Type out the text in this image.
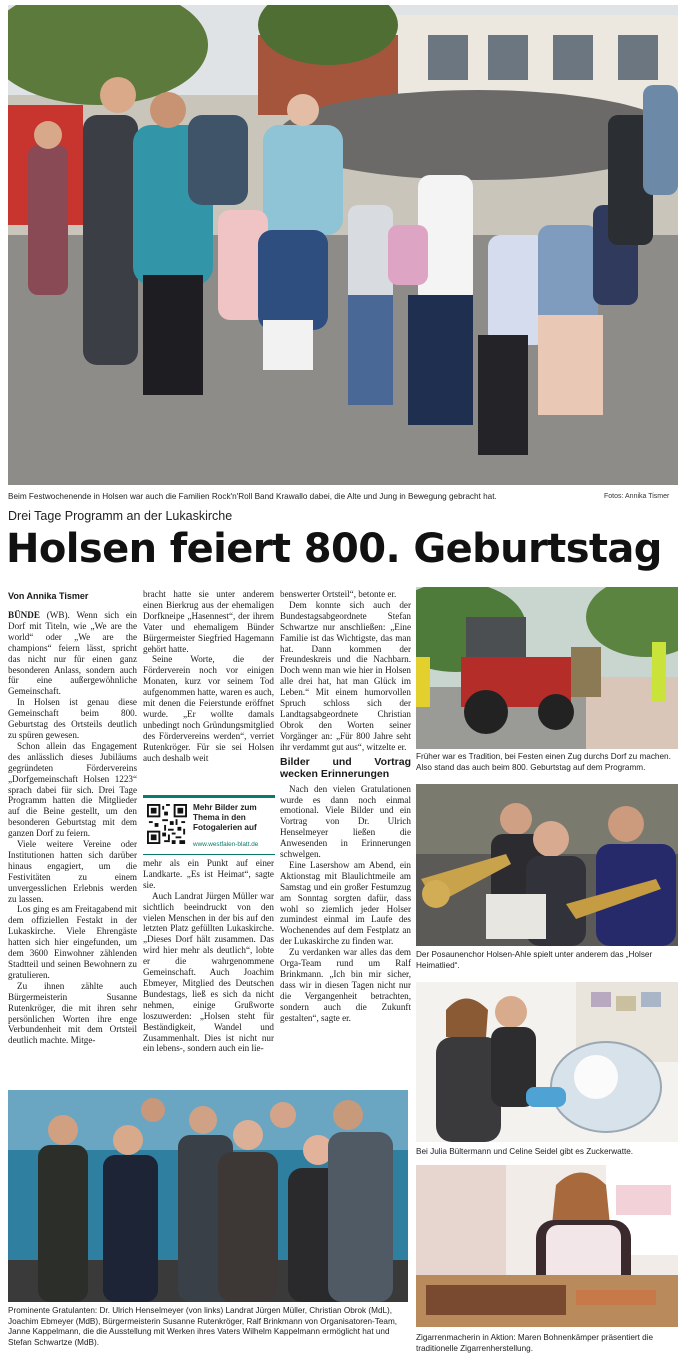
Beim Festwochenende in Holsen war auch die Familien Rock'n'Roll Band Krawallo dabei, die Alte und Jung in Bewegung gebracht hat.	Fotos: Annika Tismer
Drei Tage Programm an der Lukaskirche
Holsen feiert 800. Geburtstag
Von Annika Tismer

BÜNDE (WB). Wenn sich ein Dorf mit Titeln, wie „We are the world“ oder „We are the champions“ feiern lässt, spricht das nicht nur für einen ganz besonderen Anlass, sondern auch für eine außergewöhnliche Gemeinschaft.

In Holsen ist genau diese Gemeinschaft beim 800. Geburtstag des Ortsteils deutlich zu spüren gewesen.

Schon allein das Engagement des anlässlich dieses Jubiläums gegründeten Fördervereins „Dorfgemeinschaft Holsen 1223“ sprach dabei für sich. Drei Tage Programm hatten die Mitglieder auf die Beine gestellt, um den besonderen Geburtstag mit dem ganzen Dorf zu feiern.

Viele weitere Vereine oder Institutionen hatten sich darüber hinaus engagiert, um die Festivitäten zu einem unvergesslichen Erlebnis werden zu lassen.

Los ging es am Freitagabend mit dem offiziellen Festakt in der Lukaskirche. Viele Ehrengäste hatten sich hier eingefunden, um dem 3600 Einwohner zählenden Stadtteil und seinen Bewohnern zu gratulieren.

Zu ihnen zählte auch Bürgermeisterin Susanne Rutenkröger, die mit ihren sehr persönlichen Worten ihre enge Verbundenheit mit dem Ortsteil deutlich machte. Mitge-

bracht hatte sie unter anderem einen Bierkrug aus der ehemaligen Dorfkneipe „Hasennest“, der ihrem Vater und ehemaligem Bünder Bürgermeister Siegfried Hagemann gehört hatte.

Seine Worte, die der Förderverein noch vor einigen Monaten, kurz vor seinem Tod aufgenommen hatte, waren es auch, mit denen die Feierstunde eröffnet wurde. „Er wollte damals unbedingt noch Gründungsmitglied des Fördervereins werden“, verriet Rutenkröger. Für sie sei Holsen auch deshalb weit

Mehr Bilder zum Thema in den Fotogalerien auf
www.westfalen-blatt.de

mehr als ein Punkt auf einer Landkarte. „Es ist Heimat“, sagte sie.

Auch Landrat Jürgen Müller war sichtlich beeindruckt von den vielen Menschen in der bis auf den letzten Platz gefüllten Lukaskirche. „Dieses Dorf hält zusammen. Das wird hier mehr als deutlich“, lobte er die wahrgenommene Gemeinschaft. Auch Joachim Ebmeyer, Mitglied des Deutschen Bundestags, ließ es sich da nicht nehmen, einige Grußworte loszuwerden: „Holsen steht für Beständigkeit, Wandel und Zusammenhalt. Dies ist nicht nur ein lebens-, sondern auch ein lie-

benswerter Ortsteil“, betonte er.

Dem konnte sich auch der Bundestagsabgeordnete Stefan Schwartze nur anschließen: „Eine Familie ist das Wichtigste, das man hat. Dann kommen der Freundeskreis und die Nachbarn. Doch wenn man wie hier in Holsen alle drei hat, hat man Glück im Leben.“ Mit einem humorvollen Spruch schloss sich der Landtagsabgeordnete Christian Obrok den Worten seiner Vorgänger an: „Für 800 Jahre seht ihr verdammt gut aus“, witzelte er.

Bilder und Vortrag wecken Erinnerungen

Nach den vielen Gratulationen wurde es dann noch einmal emotional. Viele Bilder und ein Vortrag von Dr. Ulrich Henselmeyer ließen die Anwesenden in Erinnerungen schwelgen.

Eine Lasershow am Abend, ein Aktionstag mit Blaulichtmeile am Samstag und ein großer Festumzug am Sonntag sorgten dafür, dass wohl so ziemlich jeder Holser zumindest einmal im Laufe des Wochenendes auf dem Festplatz an der Lukaskirche zu finden war.

Zu verdanken war alles das dem Orga-Team rund um Ralf Brinkmann. „Ich bin mir sicher, dass wir in diesen Tagen nicht nur die Vergangenheit betrachten, sondern auch die Zukunft gestalten“, sagte er.

Früher war es Tradition, bei Festen einen Zug durchs Dorf zu machen. Also stand das auch beim 800. Geburtstag auf dem Programm.
Der Posaunenchor Holsen-Ahle spielt unter anderem das „Holser Heimatlied“.
Bei Julia Bültermann und Celine Seidel gibt es Zuckerwatte.
Zigarrenmacherin in Aktion: Maren Bohnenkämper präsentiert die traditionelle Zigarrenherstellung.
Prominente Gratulanten: Dr. Ulrich Henselmeyer (von links) Landrat Jürgen Müller, Christian Obrok (MdL), Joachim Ebmeyer (MdB), Bürgermeisterin Susanne Rutenkröger, Ralf Brinkmann von Organisatoren-Team, Janne Kappelmann, die die Ausstellung mit Werken ihres Vaters Wilhelm Kappelmann ermöglicht hat und Stefan Schwartze (MdB).
